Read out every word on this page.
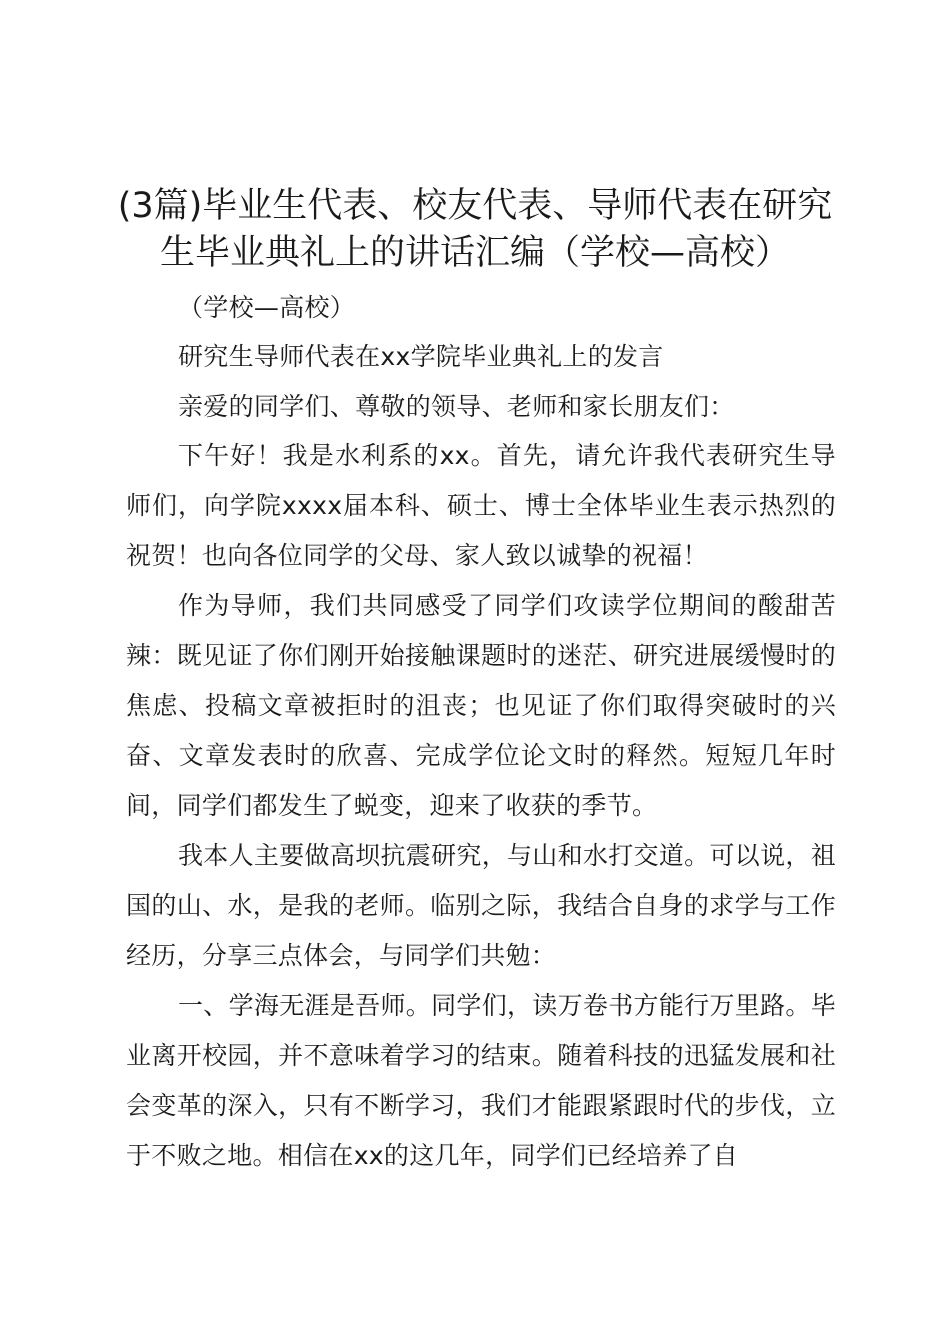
(3篇)毕业生代表、校友代表、导师代表在研究生毕业典礼上的讲话汇编（学校—高校）

（学校—高校）

研究生导师代表在xx学院毕业典礼上的发言

亲爱的同学们、尊敬的领导、老师和家长朋友们：

下午好！我是水利系的xx。首先，请允许我代表研究生导师们，向学院xxxx届本科、硕士、博士全体毕业生表示热烈的祝贺！也向各位同学的父母、家人致以诚挚的祝福！

作为导师，我们共同感受了同学们攻读学位期间的酸甜苦辣：既见证了你们刚开始接触课题时的迷茫、研究进展缓慢时的焦虑、投稿文章被拒时的沮丧；也见证了你们取得突破时的兴奋、文章发表时的欣喜、完成学位论文时的释然。短短几年时间，同学们都发生了蜕变，迎来了收获的季节。

我本人主要做高坝抗震研究，与山和水打交道。可以说，祖国的山、水，是我的老师。临别之际，我结合自身的求学与工作经历，分享三点体会，与同学们共勉：

一、学海无涯是吾师。同学们，读万卷书方能行万里路。毕业离开校园，并不意味着学习的结束。随着科技的迅猛发展和社会变革的深入，只有不断学习，我们才能跟紧跟时代的步伐，立于不败之地。相信在xx的这几年，同学们已经培养了自
